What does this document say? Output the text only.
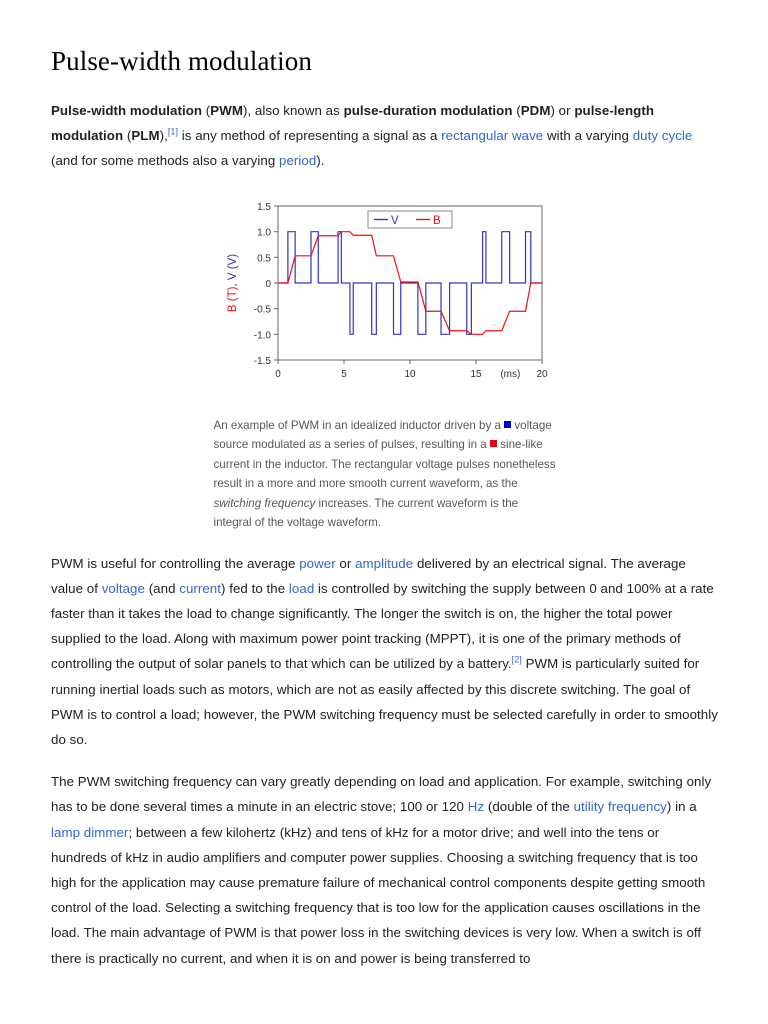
Pulse-width modulation

Pulse-width modulation (PWM), also known as pulse-duration modulation (PDM) or pulse-length modulation (PLM),[1] is any method of representing a signal as a rectangular wave with a varying duty cycle (and for some methods also a varying period).

-1.5
-1.0
-0.5
0
0.5
1.0
1.5
0	5	10	15	20
(ms)
B (T), V (V)
V	B
An example of PWM in an idealized inductor driven by a  voltage source modulated as a series of pulses, resulting in a  sine-like current in the inductor. The rectangular voltage pulses nonetheless result in a more and more smooth current waveform, as the switching frequency increases. The current waveform is the integral of the voltage waveform.

PWM is useful for controlling the average power or amplitude delivered by an electrical signal. The average value of voltage (and current) fed to the load is controlled by switching the supply between 0 and 100% at a rate faster than it takes the load to change significantly. The longer the switch is on, the higher the total power supplied to the load. Along with maximum power point tracking (MPPT), it is one of the primary methods of controlling the output of solar panels to that which can be utilized by a battery.[2] PWM is particularly suited for running inertial loads such as motors, which are not as easily affected by this discrete switching. The goal of PWM is to control a load; however, the PWM switching frequency must be selected carefully in order to smoothly do so.

The PWM switching frequency can vary greatly depending on load and application. For example, switching only has to be done several times a minute in an electric stove; 100 or 120 Hz (double of the utility frequency) in a lamp dimmer; between a few kilohertz (kHz) and tens of kHz for a motor drive; and well into the tens or hundreds of kHz in audio amplifiers and computer power supplies. Choosing a switching frequency that is too high for the application may cause premature failure of mechanical control components despite getting smooth control of the load. Selecting a switching frequency that is too low for the application causes oscillations in the load. The main advantage of PWM is that power loss in the switching devices is very low. When a switch is off there is practically no current, and when it is on and power is being transferred to
